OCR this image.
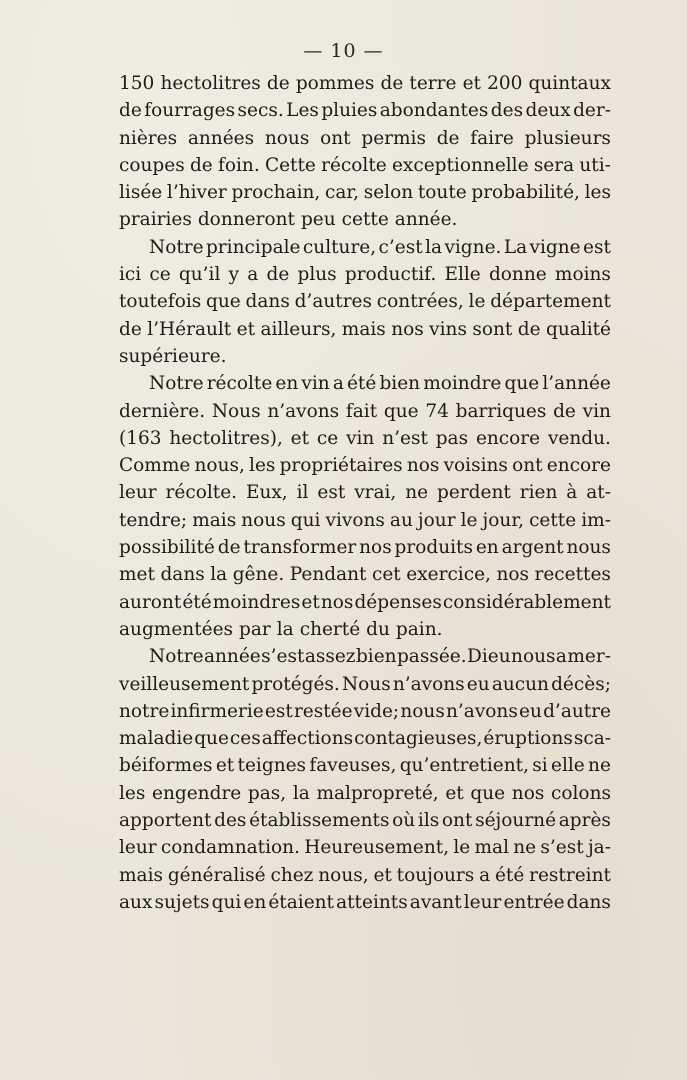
— 10 —
150 hectolitres de pommes de terre et 200 quintaux
de fourrages secs. Les pluies abondantes des deux der-
nières années nous ont permis de faire plusieurs
coupes de foin. Cette récolte exceptionnelle sera uti-
lisée l’hiver prochain, car, selon toute probabilité, les
prairies donneront peu cette année.
Notre principale culture, c’est la vigne. La vigne est
ici ce qu’il y a de plus productif. Elle donne moins
toutefois que dans d’autres contrées, le département
de l’Hérault et ailleurs, mais nos vins sont de qualité
supérieure.
Notre récolte en vin a été bien moindre que l’année
dernière. Nous n’avons fait que 74 barriques de vin
(163 hectolitres), et ce vin n’est pas encore vendu.
Comme nous, les propriétaires nos voisins ont encore
leur récolte. Eux, il est vrai, ne perdent rien à at-
tendre; mais nous qui vivons au jour le jour, cette im-
possibilité de transformer nos produits en argent nous
met dans la gêne. Pendant cet exercice, nos recettes
auront été moindres et nos dépenses considérablement
augmentées par la cherté du pain.
Notre année s’est assez bien passée. Dieu nous a mer-
veilleusement protégés. Nous n’avons eu aucun décès;
notre infirmerie est restée vide; nous n’avons eu d’autre
maladie que ces affections contagieuses, éruptions sca-
béiformes et teignes faveuses, qu’entretient, si elle ne
les engendre pas, la malpropreté, et que nos colons
apportent des établissements où ils ont séjourné après
leur condamnation. Heureusement, le mal ne s’est ja-
mais généralisé chez nous, et toujours a été restreint
aux sujets qui en étaient atteints avant leur entrée dans
